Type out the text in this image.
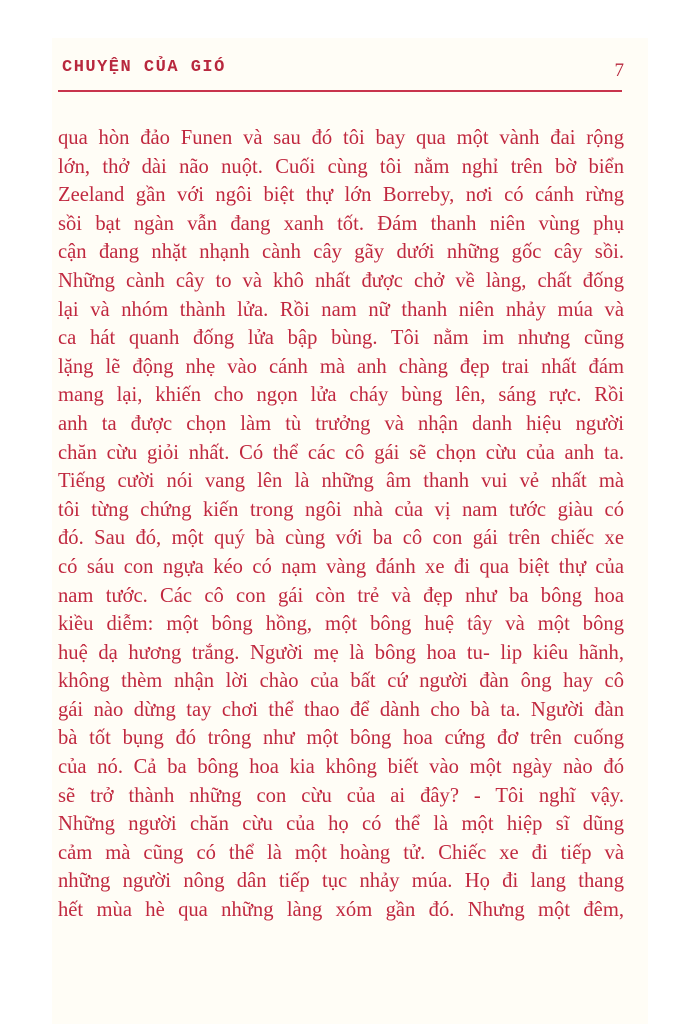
CHUYỆN CỦA GIÓ	7
qua hòn đảo Funen và sau đó tôi bay qua một vành đai rộng
lớn, thở dài não nuột. Cuối cùng tôi nằm nghỉ trên bờ biển
Zeeland gần với ngôi biệt thự lớn Borreby, nơi có cánh rừng
sồi bạt ngàn vẫn đang xanh tốt. Đám thanh niên vùng phụ
cận đang nhặt nhạnh cành cây gãy dưới những gốc cây sồi.
Những cành cây to và khô nhất được chở về làng, chất đống
lại và nhóm thành lửa. Rồi nam nữ thanh niên nhảy múa và
ca hát quanh đống lửa bập bùng. Tôi nằm im nhưng cũng
lặng lẽ động nhẹ vào cánh mà anh chàng đẹp trai nhất đám
mang lại, khiến cho ngọn lửa cháy bùng lên, sáng rực. Rồi
anh ta được chọn làm tù trưởng và nhận danh hiệu người
chăn cừu giỏi nhất. Có thể các cô gái sẽ chọn cừu của anh ta.
Tiếng cười nói vang lên là những âm thanh vui vẻ nhất mà
tôi từng chứng kiến trong ngôi nhà của vị nam tước giàu có
đó. Sau đó, một quý bà cùng với ba cô con gái trên chiếc xe
có sáu con ngựa kéo có nạm vàng đánh xe đi qua biệt thự của
nam tước. Các cô con gái còn trẻ và đẹp như ba bông hoa
kiều diễm: một bông hồng, một bông huệ tây và một bông
huệ dạ hương trắng. Người mẹ là bông hoa tu- lip kiêu hãnh,
không thèm nhận lời chào của bất cứ người đàn ông hay cô
gái nào dừng tay chơi thể thao để dành cho bà ta. Người đàn
bà tốt bụng đó trông như một bông hoa cứng đơ trên cuống
của nó. Cả ba bông hoa kia không biết vào một ngày nào đó
sẽ trở thành những con cừu của ai đây? - Tôi nghĩ vậy.
Những người chăn cừu của họ có thể là một hiệp sĩ dũng
cảm mà cũng có thể là một hoàng tử. Chiếc xe đi tiếp và
những người nông dân tiếp tục nhảy múa. Họ đi lang thang
hết mùa hè qua những làng xóm gần đó. Nhưng một đêm,
